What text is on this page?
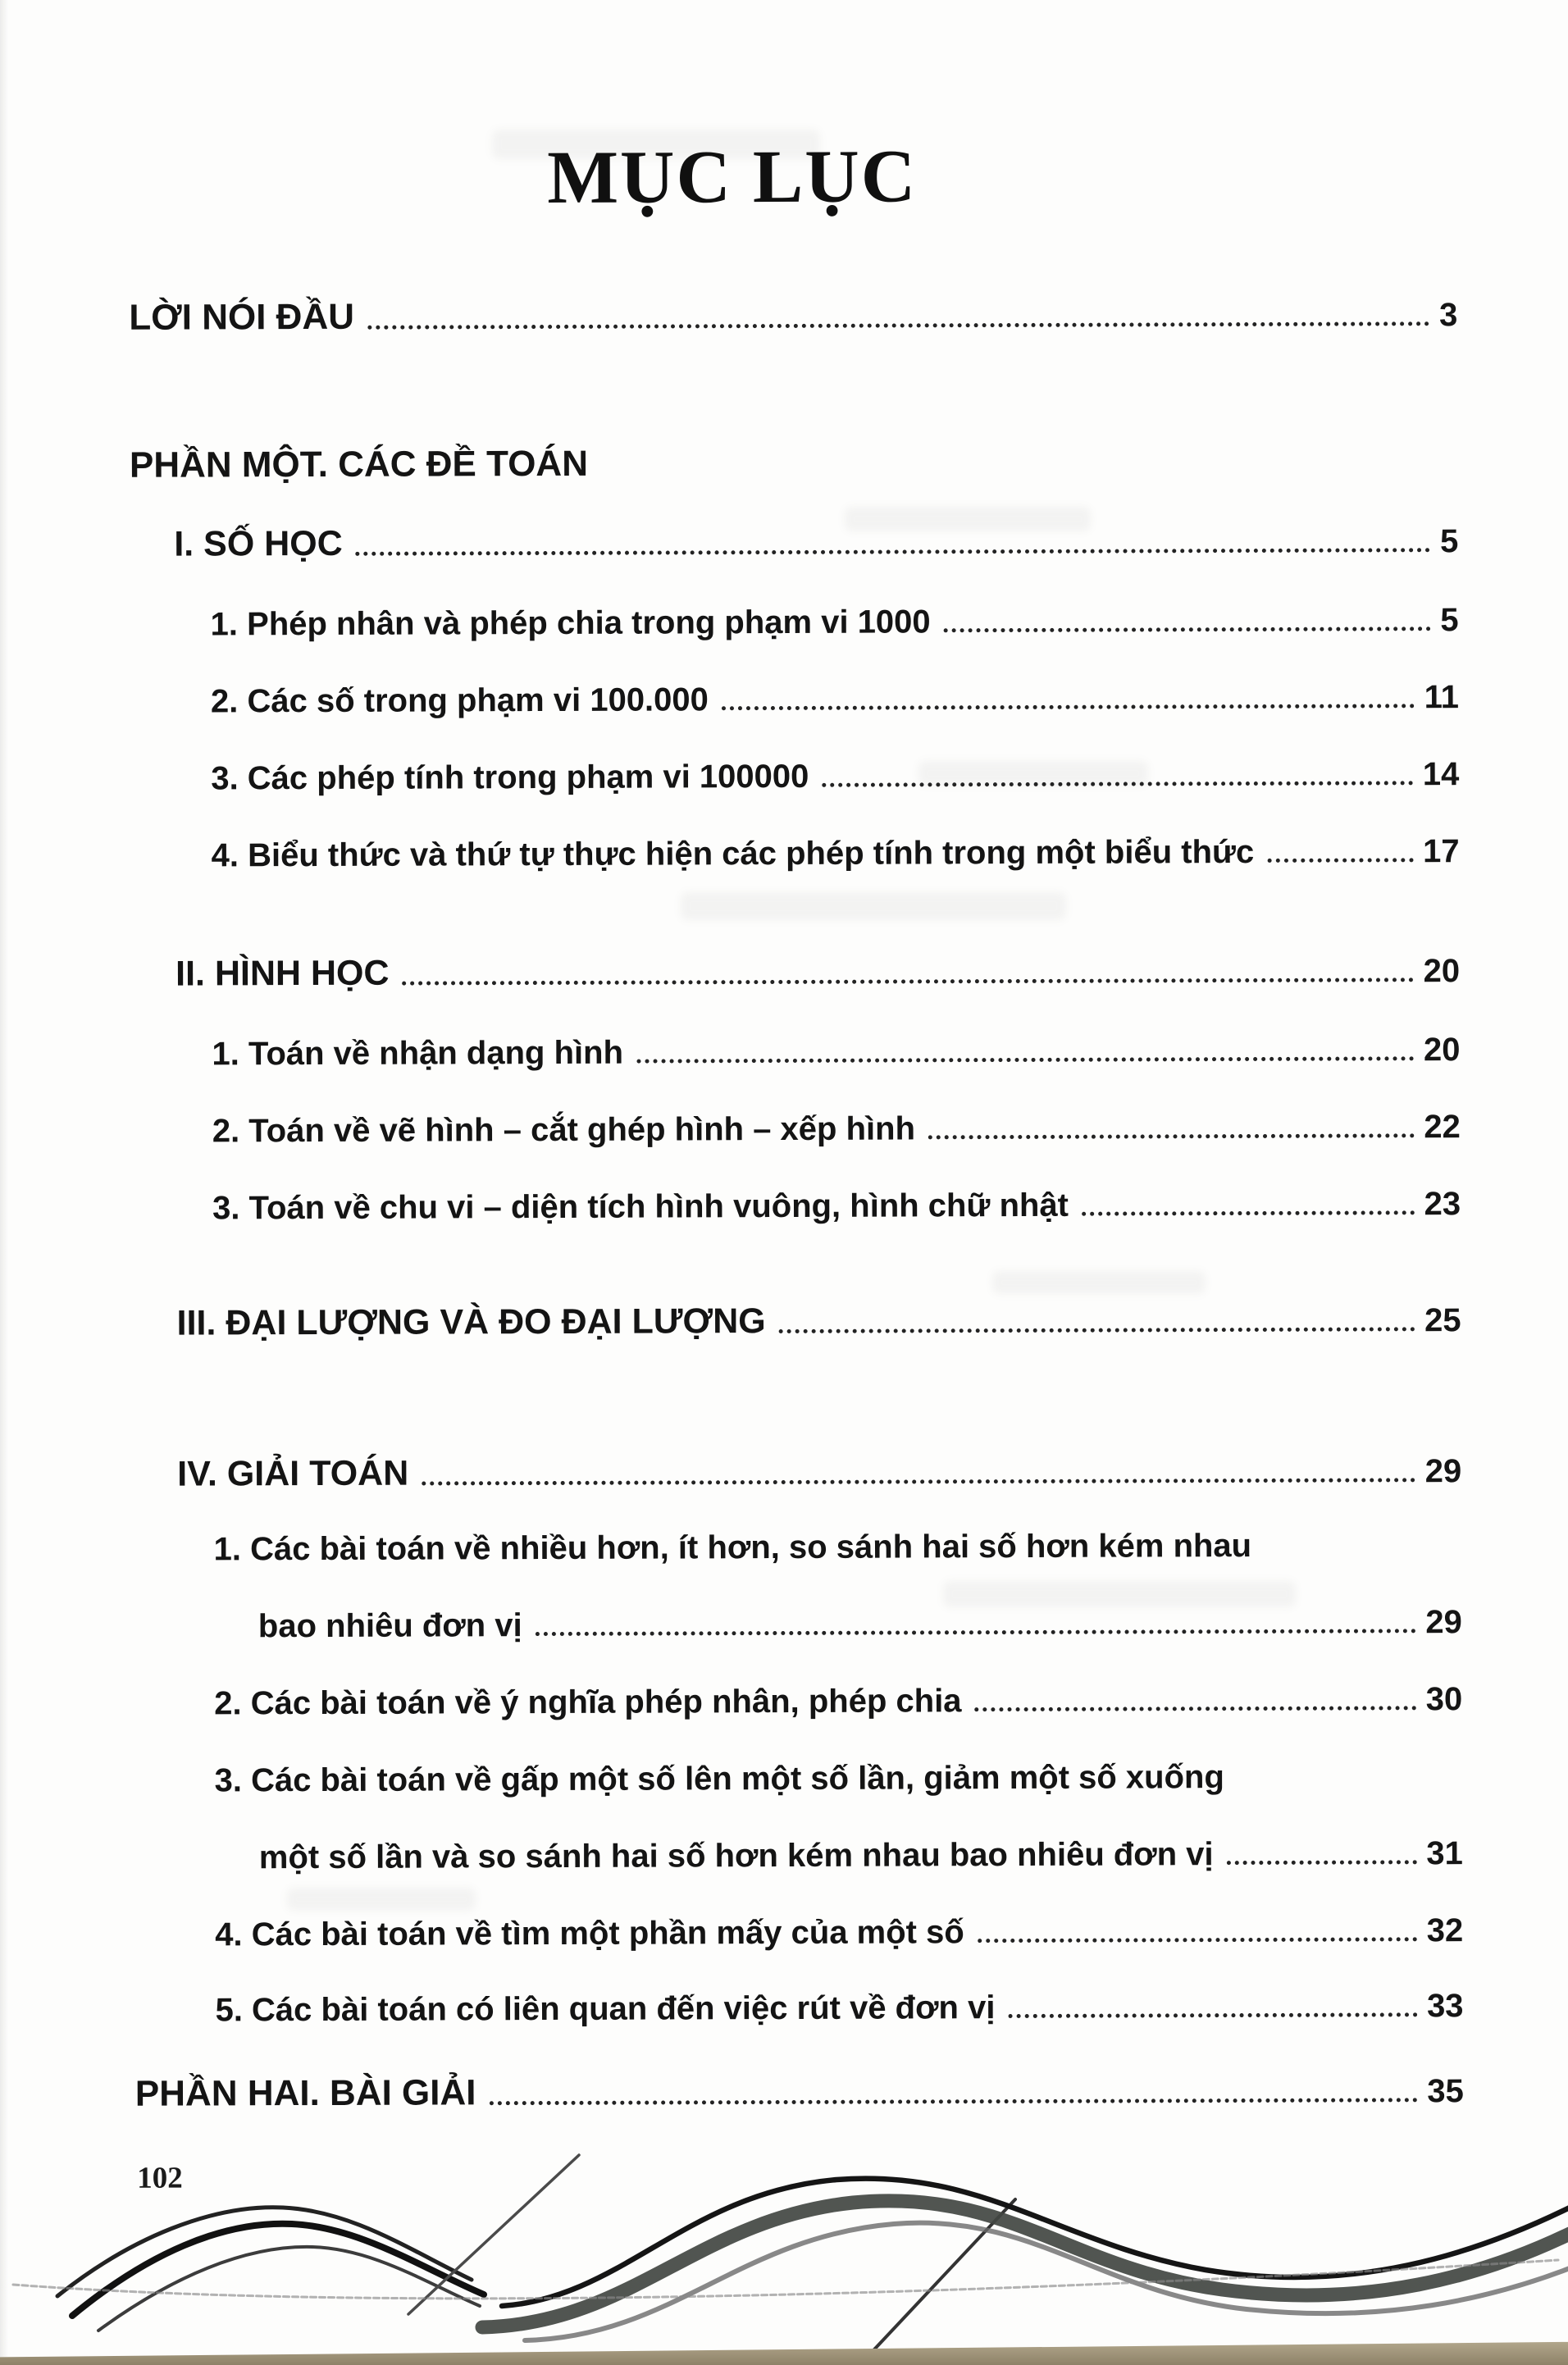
MỤC LỤC
LỜI NÓI ĐẦU	3
PHẦN MỘT. CÁC ĐỀ TOÁN
I. SỐ HỌC	5
1. Phép nhân và phép chia trong phạm vi 1000	5
2. Các số trong phạm vi 100.000	11
3. Các phép tính trong phạm vi 100000	14
4. Biểu thức và thứ tự thực hiện các phép tính trong một biểu thức	17
II. HÌNH HỌC	20
1. Toán về nhận dạng hình	20
2. Toán về vẽ hình – cắt ghép hình – xếp hình	22
3. Toán về chu vi – diện tích hình vuông, hình chữ nhật	23
III. ĐẠI LƯỢNG VÀ ĐO ĐẠI LƯỢNG	25
IV. GIẢI TOÁN	29
1. Các bài toán về nhiều hơn, ít hơn, so sánh hai số hơn kém nhau
bao nhiêu đơn vị	29
2. Các bài toán về ý nghĩa phép nhân, phép chia	30
3. Các bài toán về gấp một số lên một số lần, giảm một số xuống
một số lần và so sánh hai số hơn kém nhau bao nhiêu đơn vị	31
4. Các bài toán về tìm một phần mấy của một số	32
5. Các bài toán có liên quan đến việc rút về đơn vị	33
PHẦN HAI. BÀI GIẢI	35
102
